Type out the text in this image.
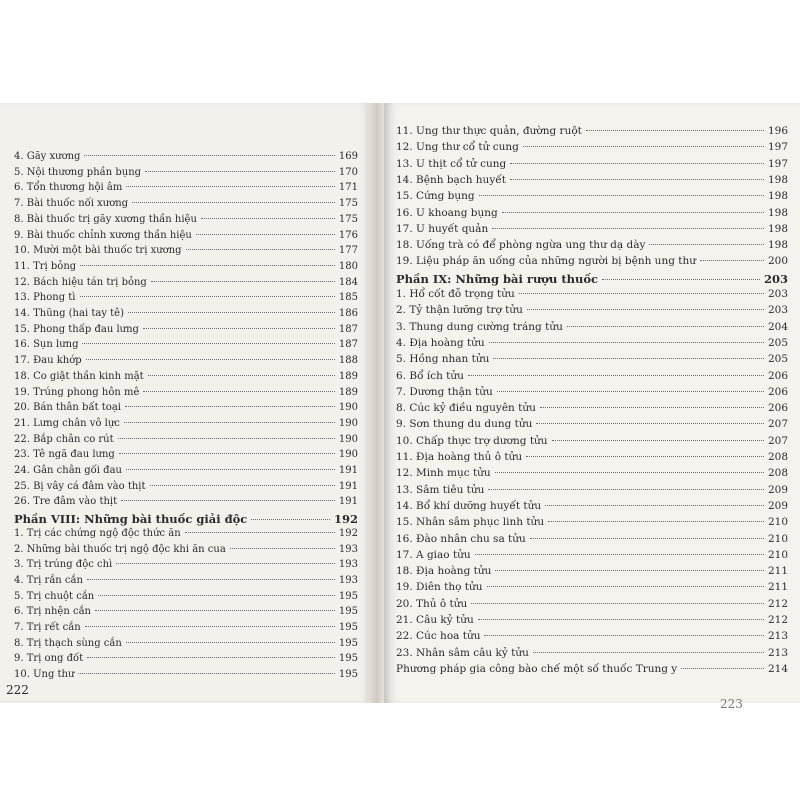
4. Gãy xương	169
5. Nội thương phần bụng	170
6. Tổn thương hội âm	171
7. Bài thuốc nối xương	175
8. Bài thuốc trị gãy xương thần hiệu	175
9. Bài thuốc chỉnh xương thần hiệu	176
10. Mười một bài thuốc trị xương	177
11. Trị bỏng	180
12. Bách hiệu tán trị bỏng	184
13. Phong tì	185
14. Thũng (hai tay tê)	186
15. Phong thấp đau lưng	187
16. Sụn lưng	187
17. Đau khớp	188
18. Co giật thần kinh mặt	189
19. Trúng phong hôn mê	189
20. Bán thân bất toại	190
21. Lưng chân vô lực	190
22. Bắp chân co rút	190
23. Tê ngã đau lưng	190
24. Gân chân gối đau	191
25. Bị vây cá đâm vào thịt	191
26. Tre đâm vào thịt	191
Phần VIII: Những bài thuốc giải độc	192
1. Trị các chứng ngộ độc thức ăn	192
2. Những bài thuốc trị ngộ độc khi ăn cua	193
3. Trị trúng độc chì	193
4. Trị rắn cắn	193
5. Trị chuột cắn	195
6. Trị nhện cắn	195
7. Trị rết cắn	195
8. Trị thạch sùng cắn	195
9. Trị ong đốt	195
10. Ung thư	195
222
11. Ung thư thực quản, đường ruột	196
12. Ung thư cổ tử cung	197
13. U thịt cổ tử cung	197
14. Bệnh bạch huyết	198
15. Cứng bụng	198
16. U khoang bụng	198
17. U huyết quản	198
18. Uống trà có để phòng ngừa ung thư dạ dày	198
19. Liệu pháp ăn uống của những người bị bệnh ung thư	200
Phần IX: Những bài rượu thuốc	203
1. Hổ cốt đỗ trọng tửu	203
2. Tỷ thận lưỡng trợ tửu	203
3. Thung dung cường tráng tửu	204
4. Địa hoàng tửu	205
5. Hồng nhan tửu	205
6. Bổ ích tửu	206
7. Dương thận tửu	206
8. Cúc kỷ điều nguyên tửu	206
9. Sơn thung du dung tửu	207
10. Chấp thực trợ dương tửu	207
11. Địa hoàng thủ ô tửu	208
12. Minh mục tửu	208
13. Sâm tiêu tửu	209
14. Bổ khí dưỡng huyết tửu	209
15. Nhân sâm phục linh tửu	210
16. Đào nhân chu sa tửu	210
17. A giao tửu	210
18. Địa hoàng tửu	211
19. Diên thọ tửu	211
20. Thủ ô tửu	212
21. Câu kỷ tửu	212
22. Cúc hoa tửu	213
23. Nhân sâm câu kỷ tửu	213
Phương pháp gia công bào chế một số thuốc Trung y	214
223
